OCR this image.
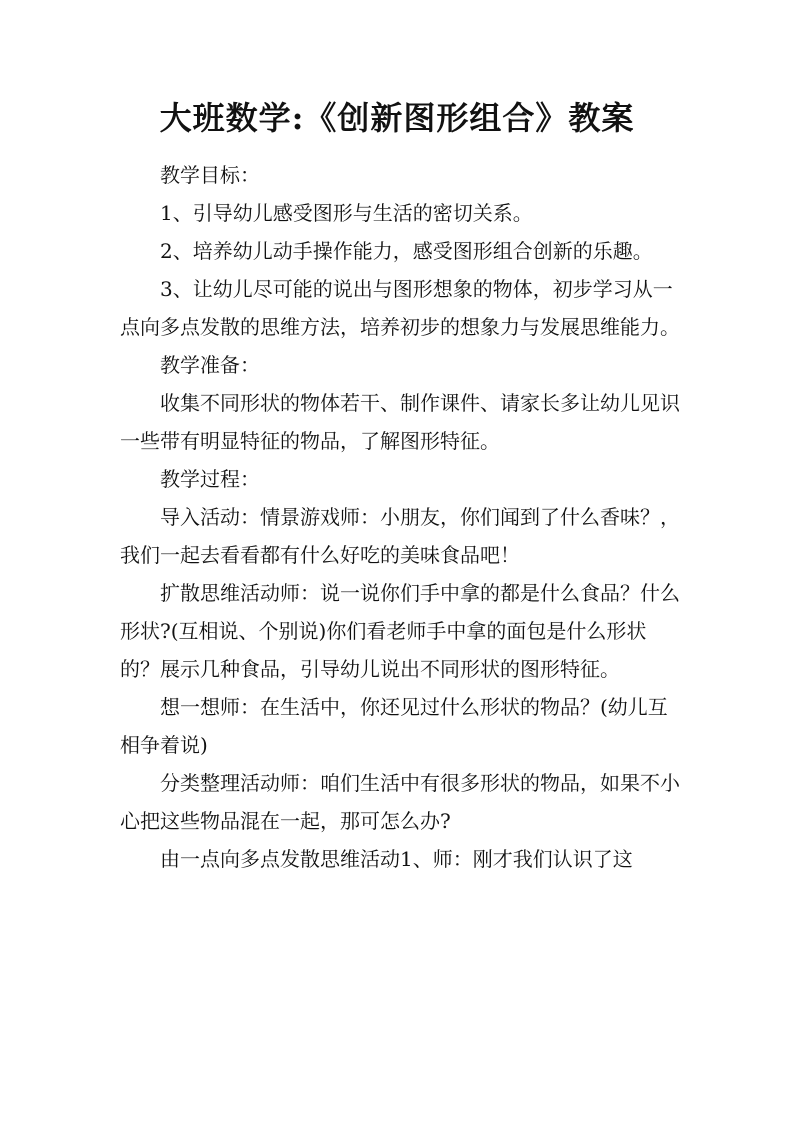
大班数学:《创新图形组合》教案

教学目标：

1、引导幼儿感受图形与生活的密切关系。

2、培养幼儿动手操作能力，感受图形组合创新的乐趣。

3、让幼儿尽可能的说出与图形想象的物体，初步学习从一点向多点发散的思维方法，培养初步的想象力与发展思维能力。

教学准备：

收集不同形状的物体若干、制作课件、请家长多让幼儿见识一些带有明显特征的物品，了解图形特征。

教学过程：

导入活动：情景游戏师：小朋友，你们闻到了什么香味？，我们一起去看看都有什么好吃的美味食品吧！

扩散思维活动师：说一说你们手中拿的都是什么食品？什么形状?(互相说、个别说)你们看老师手中拿的面包是什么形状的？展示几种食品，引导幼儿说出不同形状的图形特征。

想一想师：在生活中，你还见过什么形状的物品？(幼儿互相争着说)

分类整理活动师：咱们生活中有很多形状的物品，如果不小心把这些物品混在一起，那可怎么办?

由一点向多点发散思维活动1、师：刚才我们认识了这
